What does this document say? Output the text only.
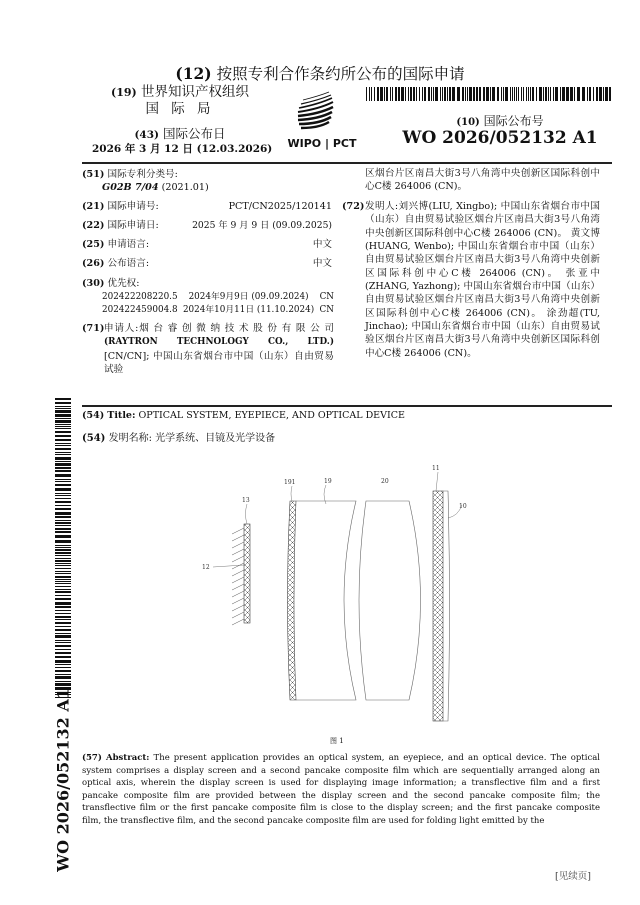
(12) 按照专利合作条约所公布的国际申请
(19) 世界知识产权组织
国 际 局
(43) 国际公布日
2026 年 3 月 12 日 (12.03.2026) WIPO | PCT
(10) 国际公布号
WO 2026/052132 A1
(51) 国际专利分类号:
G02B 7/04 (2021.01)
(21) 国际申请号:	PCT/CN2025/120141
(22) 国际申请日:	2025 年 9 月 9 日 (09.09.2025)
(25) 申请语言:	中文
(26) 公布语言:	中文
(30) 优先权:
202422208220.5 2024年9月9日 (09.09.2024) CN
202422459004.8 2024年10月11日 (11.10.2024) CN
(71) 申请人:烟 台 睿 创 微 纳 技 术 股 份 有 限 公 司 (RAYTRON TECHNOLOGY CO., LTD.) [CN/CN]; 中国山东省烟台市中国（山东）自由贸易试验
区烟台片区南昌大街3号八角湾中央创新区国际科创中心C楼 264006 (CN)。
(72) 发明人:刘兴博(LIU, Xingbo); 中国山东省烟台市中国（山东）自由贸易试验区烟台片区南昌大街3号八角湾中央创新区国际科创中心C楼 264006 (CN)。 黄文博(HUANG, Wenbo); 中国山东省烟台市中国（山东）自由贸易试验区烟台片区南昌大街3号八角湾中央创新区国际科创中心C楼 264006 (CN)。 张亚中(ZHANG, Yazhong); 中国山东省烟台市中国（山东）自由贸易试验区烟台片区南昌大街3号八角湾中央创新区国际科创中心C楼 264006 (CN)。 涂劲超(TU, Jinchao); 中国山东省烟台市中国（山东）自由贸易试验区烟台片区南昌大街3号八角湾中央创新区国际科创中心C楼 264006 (CN)。
WO 2026/052132 A1
(54) Title: OPTICAL SYSTEM, EYEPIECE, AND OPTICAL DEVICE
(54) 发明名称: 光学系统、目镜及光学设备
13
12
191	19	20
11
10
图 1
(57) Abstract: The present application provides an optical system, an eyepiece, and an optical device. The optical system comprises a display screen and a second pancake composite film which are sequentially arranged along an optical axis, wherein the display screen is used for displaying image information; a transflective film and a first pancake composite film are provided between the display screen and the second pancake composite film; the transflective film or the first pancake composite film is close to the display screen; and the first pancake composite film, the transflective film, and the second pancake composite film are used for folding light emitted by the
[见续页]
